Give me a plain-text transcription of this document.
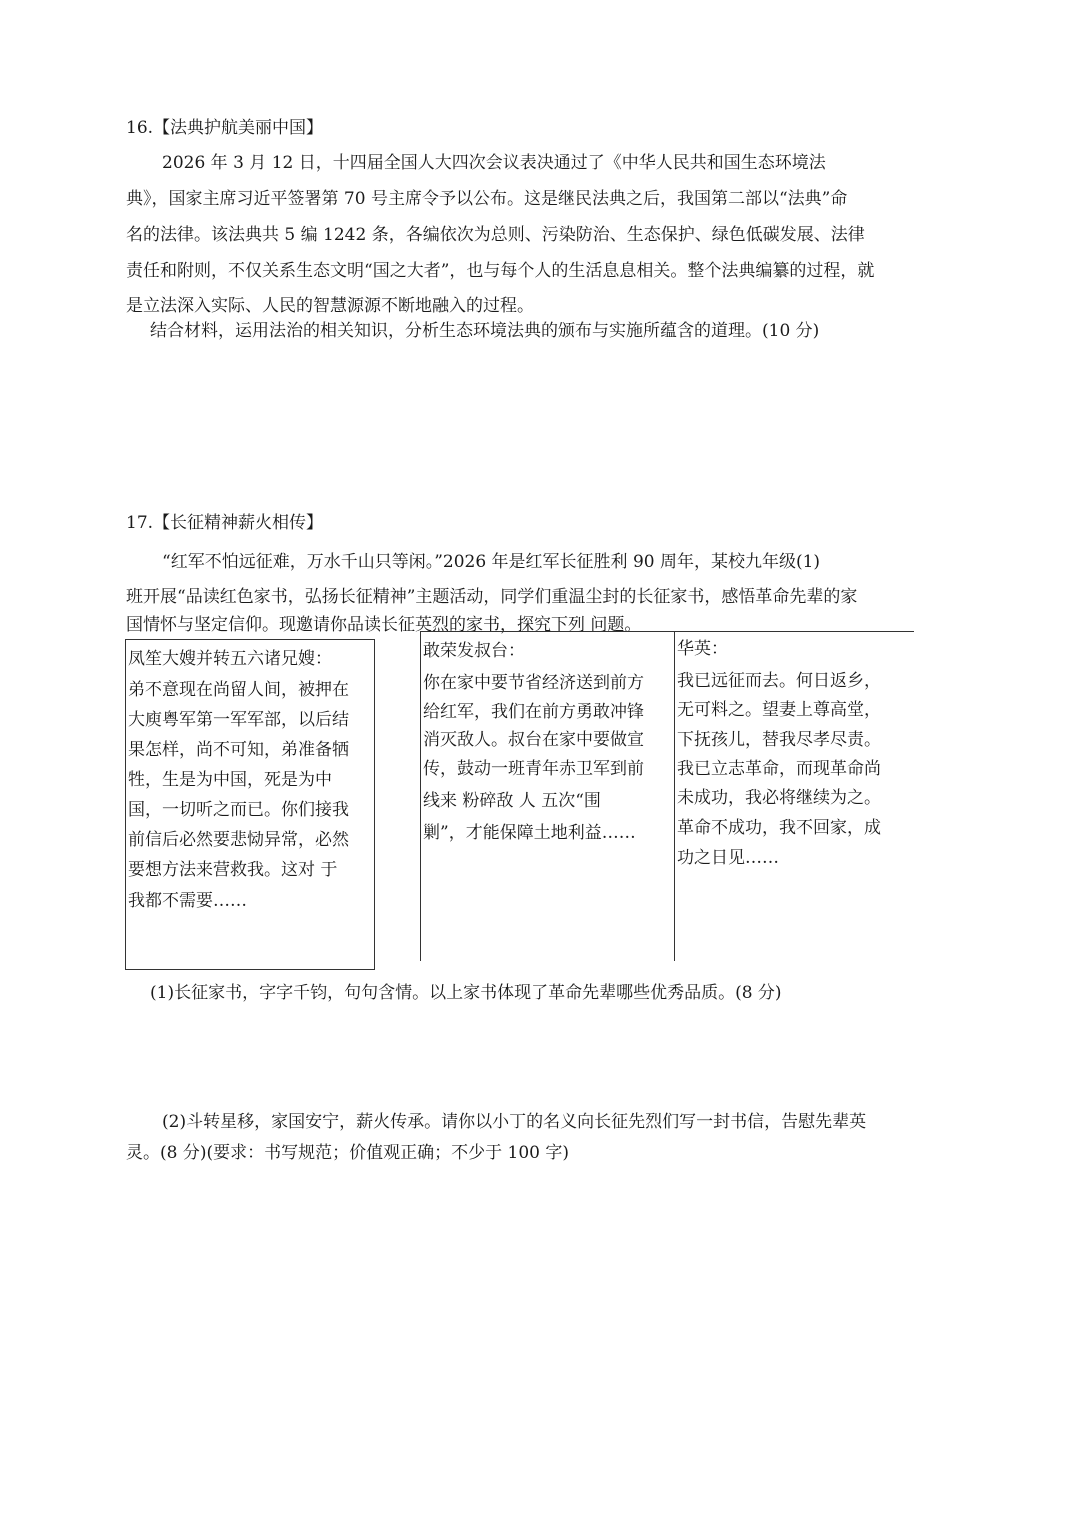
16.【法典护航美丽中国】
2026 年 3 月 12 日，十四届全国人大四次会议表决通过了《中华人民共和国生态环境法
典》，国家主席习近平签署第 70 号主席令予以公布。这是继民法典之后，我国第二部以“法典”命
名的法律。该法典共 5 编 1242 条，各编依次为总则、污染防治、生态保护、绿色低碳发展、法律
责任和附则，不仅关系生态文明“国之大者”，也与每个人的生活息息相关。整个法典编纂的过程，就
是立法深入实际、人民的智慧源源不断地融入的过程。
结合材料，运用法治的相关知识，分析生态环境法典的颁布与实施所蕴含的道理。(10 分)
17.【长征精神薪火相传】
“红军不怕远征难，万水千山只等闲。”2026 年是红军长征胜利 90 周年，某校九年级(1)
班开展“品读红色家书，弘扬长征精神”主题活动，同学们重温尘封的长征家书，感悟革命先辈的家
国情怀与坚定信仰。现邀请你品读长征英烈的家书，探究下列 问题。
凤笙大嫂并转五六诸兄嫂：
弟不意现在尚留人间，被押在
大庾粤军第一军军部，以后结
果怎样，尚不可知，弟准备牺
牲，生是为中国，死是为中
国，一切听之而已。你们接我
前信后必然要悲恸异常，必然
要想方法来营救我。这对 于
我都不需要……
敢荣发叔台：
你在家中要节省经济送到前方
给红军，我们在前方勇敢冲锋
消灭敌人。叔台在家中要做宣
传，鼓动一班青年赤卫军到前
线来 粉碎敌 人 五次“围
剿”，才能保障土地利益……
华英：
我已远征而去。何日返乡，
无可料之。望妻上尊高堂，
下抚孩儿，替我尽孝尽责。
我已立志革命，而现革命尚
未成功，我必将继续为之。
革命不成功，我不回家，成
功之日见……
(1)长征家书，字字千钧，句句含情。以上家书体现了革命先辈哪些优秀品质。(8 分)
(2)斗转星移，家国安宁，薪火传承。请你以小丁的名义向长征先烈们写一封书信，告慰先辈英
灵。(8 分)(要求：书写规范；价值观正确；不少于 100 字)
